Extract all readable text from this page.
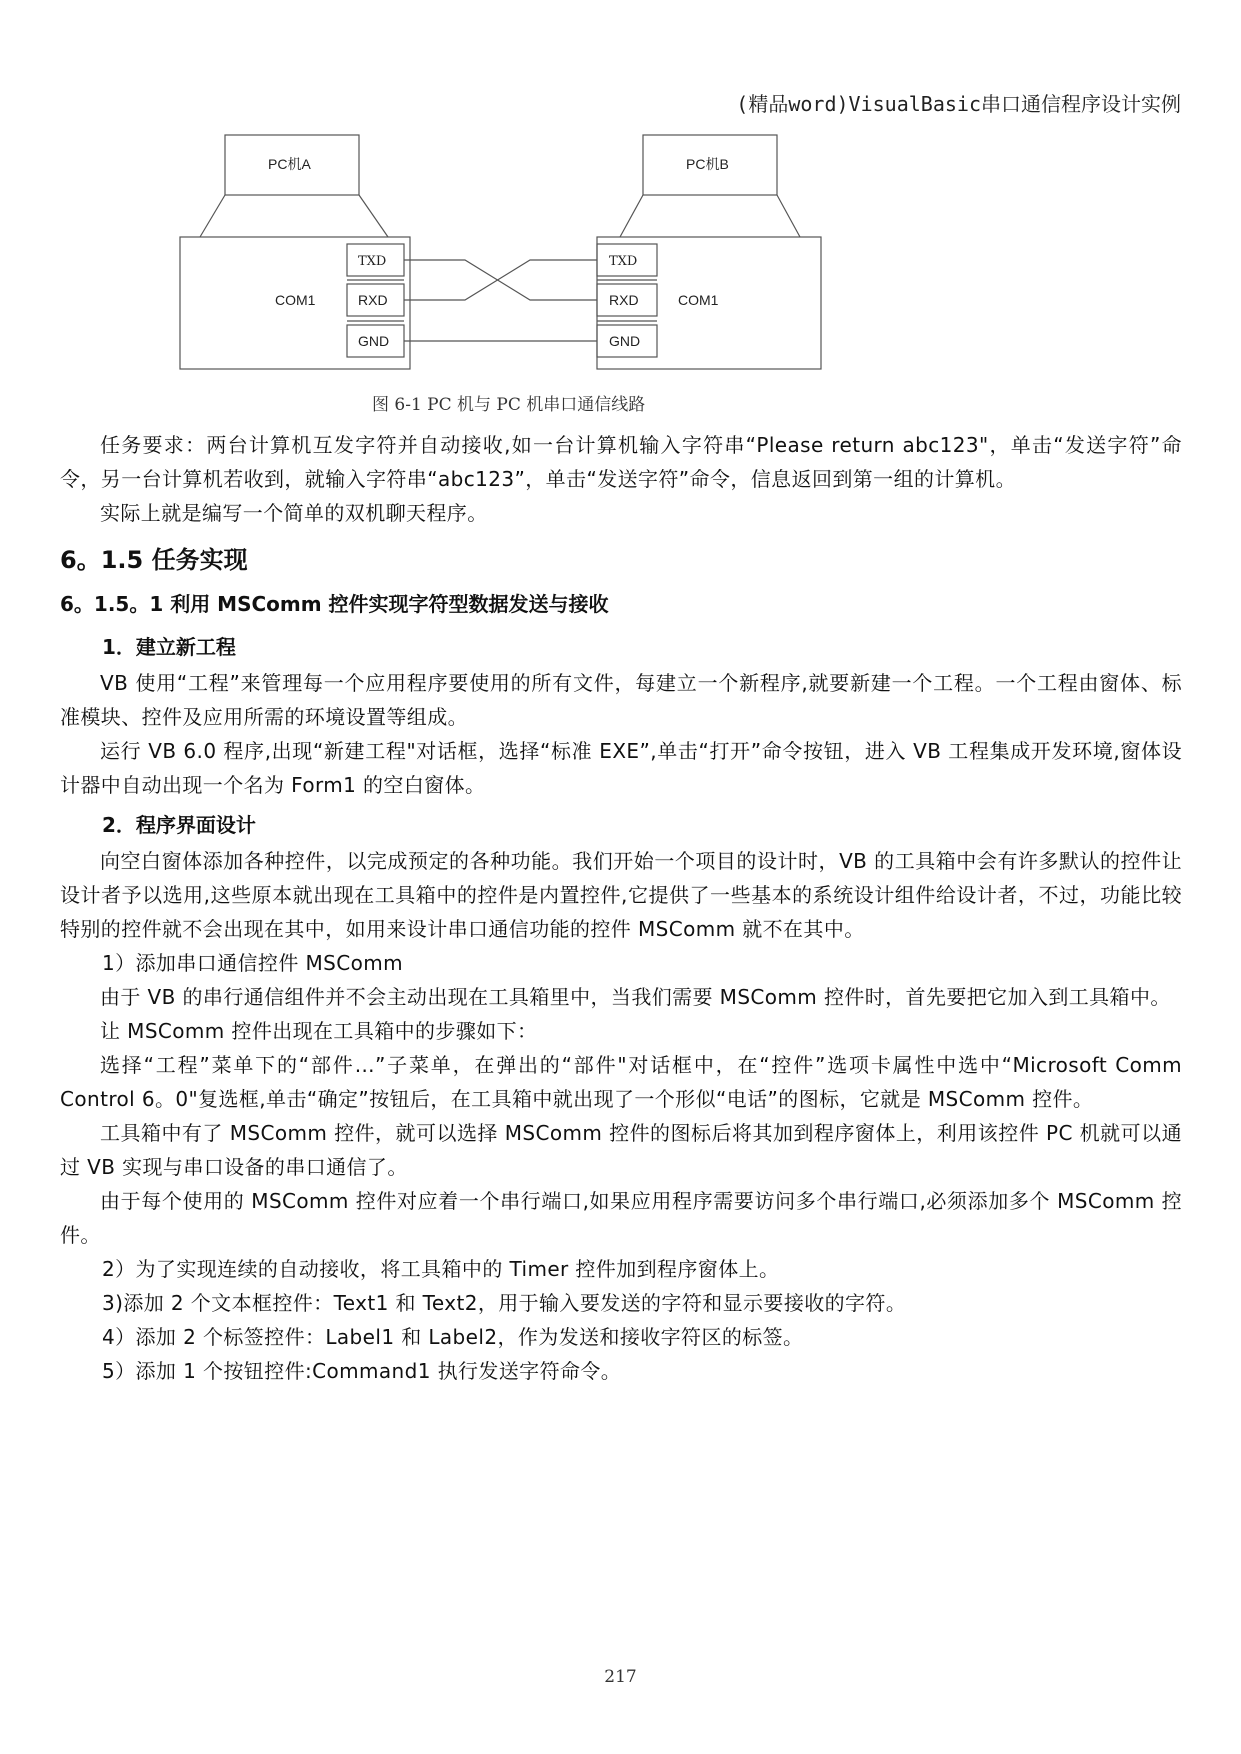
(精品word)VisualBasic串口通信程序设计实例
PC机A	PC机B
COM1	COM1
RXD
GND
RXD
GND
TXD	TXD
图 6-1 PC 机与 PC 机串口通信线路

任务要求：两台计算机互发字符并自动接收,如一台计算机输入字符串“Please return abc123"，单击“发送字符”命令，另一台计算机若收到，就输入字符串“abc123”，单击“发送字符”命令，信息返回到第一组的计算机。

实际上就是编写一个简单的双机聊天程序。

6。1.5 任务实现
6。1.5。1 利用 MSComm 控件实现字符型数据发送与接收
1．建立新工程

VB 使用“工程”来管理每一个应用程序要使用的所有文件，每建立一个新程序,就要新建一个工程。一个工程由窗体、标准模块、控件及应用所需的环境设置等组成。

运行 VB 6.0 程序,出现“新建工程"对话框，选择“标准 EXE”,单击“打开”命令按钮，进入 VB 工程集成开发环境,窗体设计器中自动出现一个名为 Form1 的空白窗体。

2．程序界面设计

向空白窗体添加各种控件，以完成预定的各种功能。我们开始一个项目的设计时，VB 的工具箱中会有许多默认的控件让设计者予以选用,这些原本就出现在工具箱中的控件是内置控件,它提供了一些基本的系统设计组件给设计者，不过，功能比较特别的控件就不会出现在其中，如用来设计串口通信功能的控件 MSComm 就不在其中。

1）添加串口通信控件 MSComm

由于 VB 的串行通信组件并不会主动出现在工具箱里中，当我们需要 MSComm 控件时，首先要把它加入到工具箱中。

让 MSComm 控件出现在工具箱中的步骤如下：

选择“工程”菜单下的“部件…”子菜单，在弹出的“部件"对话框中，在“控件”选项卡属性中选中“Microsoft Comm Control 6。0"复选框,单击“确定”按钮后，在工具箱中就出现了一个形似“电话”的图标，它就是 MSComm 控件。

工具箱中有了 MSComm 控件，就可以选择 MSComm 控件的图标后将其加到程序窗体上，利用该控件 PC 机就可以通过 VB 实现与串口设备的串口通信了。

由于每个使用的 MSComm 控件对应着一个串行端口,如果应用程序需要访问多个串行端口,必须添加多个 MSComm 控件。

2）为了实现连续的自动接收，将工具箱中的 Timer 控件加到程序窗体上。

3)添加 2 个文本框控件：Text1 和 Text2，用于输入要发送的字符和显示要接收的字符。

4）添加 2 个标签控件：Label1 和 Label2，作为发送和接收字符区的标签。

5）添加 1 个按钮控件:Command1 执行发送字符命令。

217
